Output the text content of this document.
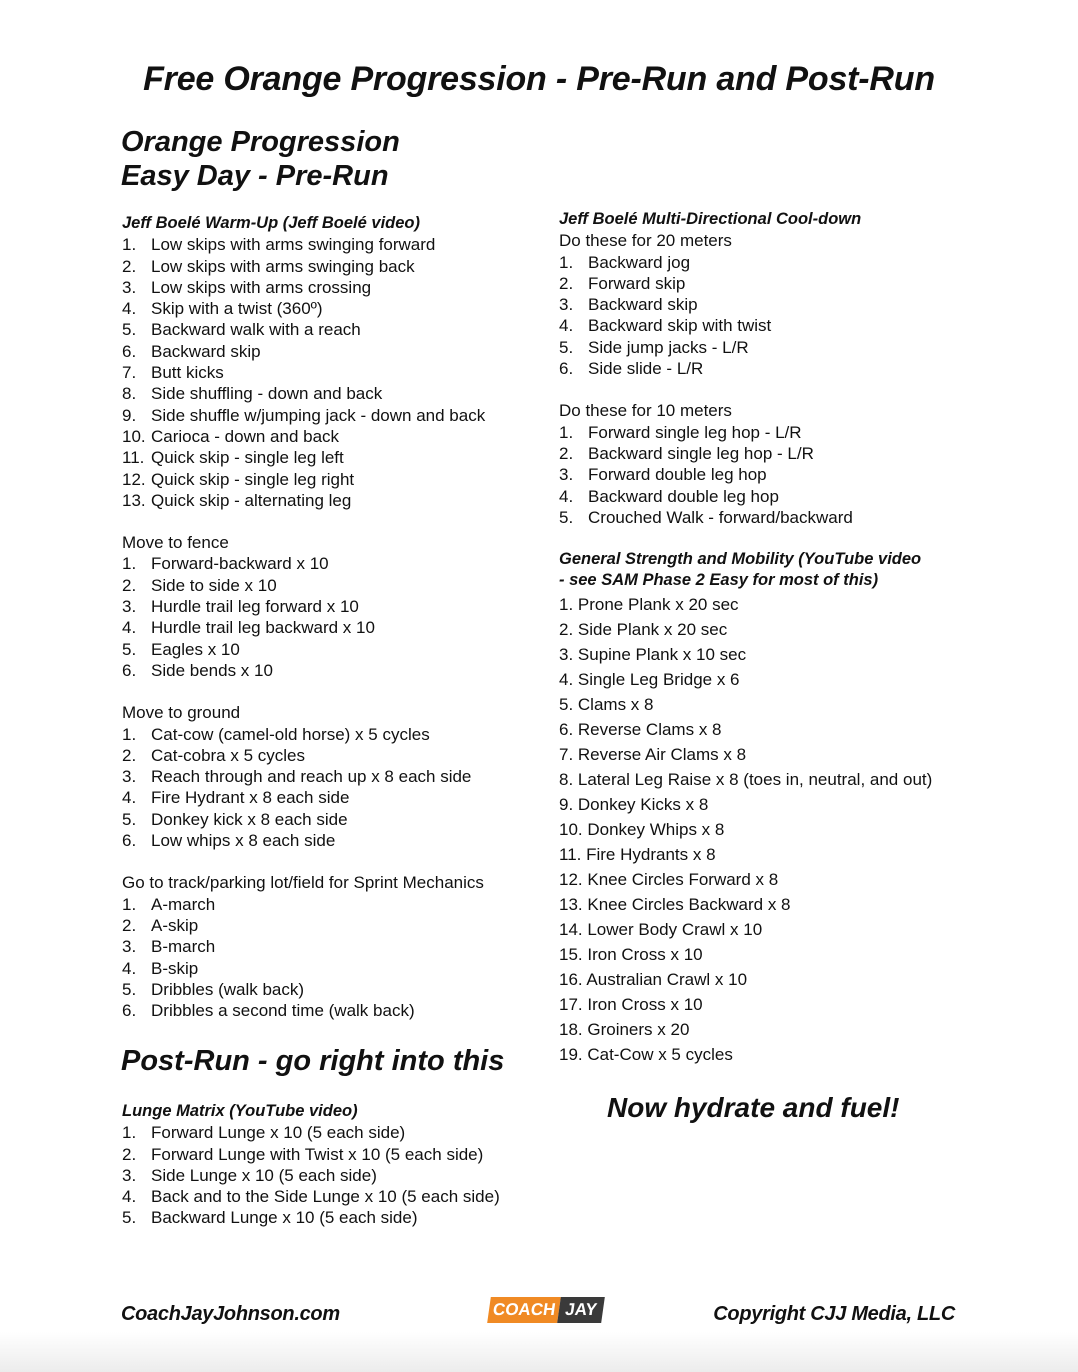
Free Orange Progression - Pre-Run and Post-Run
Orange Progression
Easy Day - Pre-Run
Jeff Boelé Warm-Up (Jeff Boelé video)
1. Low skips with arms swinging forward
2. Low skips with arms swinging back
3. Low skips with arms crossing
4. Skip with a twist (360º)
5. Backward walk with a reach
6. Backward skip
7. Butt kicks
8. Side shuffling - down and back
9. Side shuffle w/jumping jack - down and back
10. Carioca - down and back
11. Quick skip - single leg left
12. Quick skip - single leg right
13. Quick skip - alternating leg
Move to fence
1. Forward-backward x 10
2. Side to side x 10
3. Hurdle trail leg forward x 10
4. Hurdle trail leg backward x 10
5. Eagles x 10
6. Side bends x 10
Move to ground
1. Cat-cow (camel-old horse) x 5 cycles
2. Cat-cobra x 5 cycles
3. Reach through and reach up x 8 each side
4. Fire Hydrant x 8 each side
5. Donkey kick x 8 each side
6. Low whips x 8 each side
Go to track/parking lot/field for Sprint Mechanics
1. A-march
2. A-skip
3. B-march
4. B-skip
5. Dribbles (walk back)
6. Dribbles a second time (walk back)
Post-Run - go right into this
Lunge Matrix (YouTube video)
1. Forward Lunge x 10 (5 each side)
2. Forward Lunge with Twist x 10 (5 each side)
3. Side Lunge x 10 (5 each side)
4. Back and to the Side Lunge x 10 (5 each side)
5. Backward Lunge x 10 (5 each side)
Jeff Boelé Multi-Directional Cool-down
Do these for 20 meters
1. Backward jog
2. Forward skip
3. Backward skip
4. Backward skip with twist
5. Side jump jacks - L/R
6. Side slide - L/R
Do these for 10 meters
1. Forward single leg hop - L/R
2. Backward single leg hop - L/R
3. Forward double leg hop
4. Backward double leg hop
5. Crouched Walk - forward/backward
General Strength and Mobility (YouTube video
- see SAM Phase 2 Easy for most of this)
1. Prone Plank x 20 sec
2. Side Plank x 20 sec
3. Supine Plank x 10 sec
4. Single Leg Bridge x 6
5. Clams x 8
6. Reverse Clams x 8
7. Reverse Air Clams x 8
8. Lateral Leg Raise x 8 (toes in, neutral, and out)
9. Donkey Kicks x 8
10. Donkey Whips x 8
11. Fire Hydrants x 8
12. Knee Circles Forward x 8
13. Knee Circles Backward x 8
14. Lower Body Crawl x 10
15. Iron Cross x 10
16. Australian Crawl x 10
17. Iron Cross x 10
18. Groiners x 20
19. Cat-Cow x 5 cycles
Now hydrate and fuel!
CoachJayJohnson.com	COACH JAY	Copyright CJJ Media, LLC
